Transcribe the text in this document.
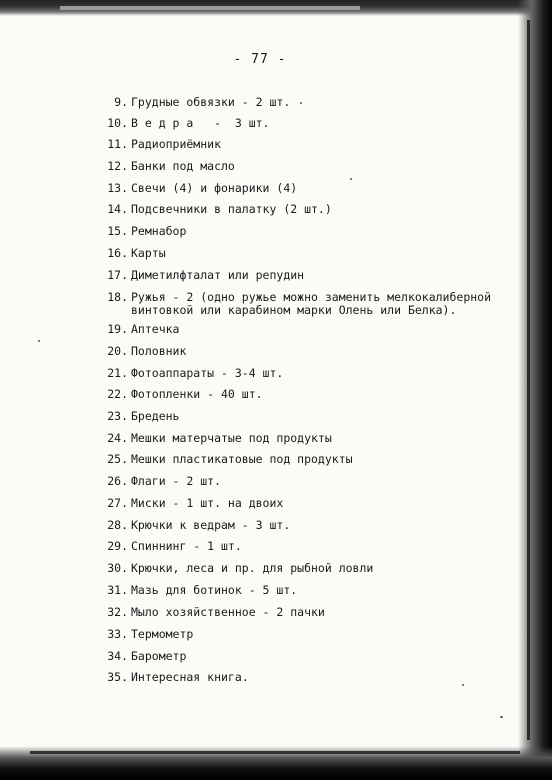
- 77 -
9. Грудные обвязки - 2 шт.
10. В е д р а   -  3 шт.
11. Радиоприёмник
12. Банки под масло
13. Свечи (4) и фонарики (4)
14. Подсвечники в палатку (2 шт.)
15. Ремнабор
16. Карты
17. Диметилфталат или репудин
18. Ружья - 2 (одно ружье можно заменить мелкокалиберной винтовкой или карабином марки Олень или Белка).
19. Аптечка
20. Половник
21. Фотоаппараты - 3-4 шт.
22. Фотопленки - 40 шт.
23. Бредень
24. Мешки матерчатые под продукты
25. Мешки пластикатовые под продукты
26. Флаги - 2 шт.
27. Миски - 1 шт. на двоих
28. Крючки к ведрам - 3 шт.
29. Спиннинг - 1 шт.
30. Крючки, леса и пр. для рыбной ловли
31. Мазь для ботинок - 5 шт.
32. Мыло хозяйственное - 2 пачки
33. Термометр
34. Барометр
35. Интересная книга.
